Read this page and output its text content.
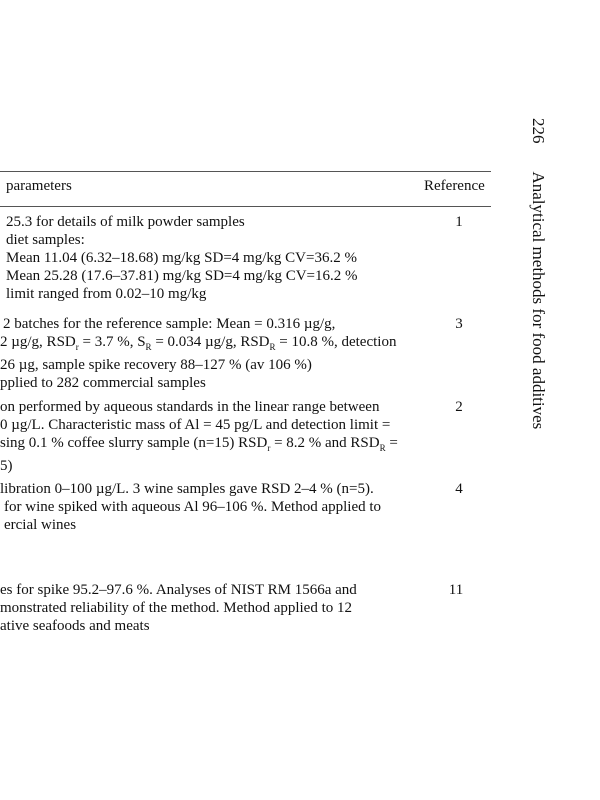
226Analytical methods for food additives
parameters	Reference
25.3 for details of milk powder samples
diet samples:
Mean 11.04 (6.32–18.68) mg/kg SD=4 mg/kg CV=36.2 %
Mean 25.28 (17.6–37.81) mg/kg SD=4 mg/kg CV=16.2 %
limit ranged from 0.02–10 mg/kg
1
2 batches for the reference sample: Mean = 0.316 µg/g,
2 µg/g, $RSD_r = 3.7$ %, $S_R = 0.034$ µg/g, $RSD_R = 10.8$ %, detection
26 µg, sample spike recovery 88–127 % (av 106 %)
pplied to 282 commercial samples
3
on performed by aqueous standards in the linear range between
0 µg/L. Characteristic mass of Al = 45 pg/L and detection limit =
sing 0.1 % coffee slurry sample (n=15) $RSD_r = 8.2$ % and $RSD_R$ =
5)
2
libration 0–100 µg/L. 3 wine samples gave RSD 2–4 % (n=5).
for wine spiked with aqueous Al 96–106 %. Method applied to
ercial wines
4
es for spike 95.2–97.6 %. Analyses of NIST RM 1566a and
monstrated reliability of the method. Method applied to 12
ative seafoods and meats
11
